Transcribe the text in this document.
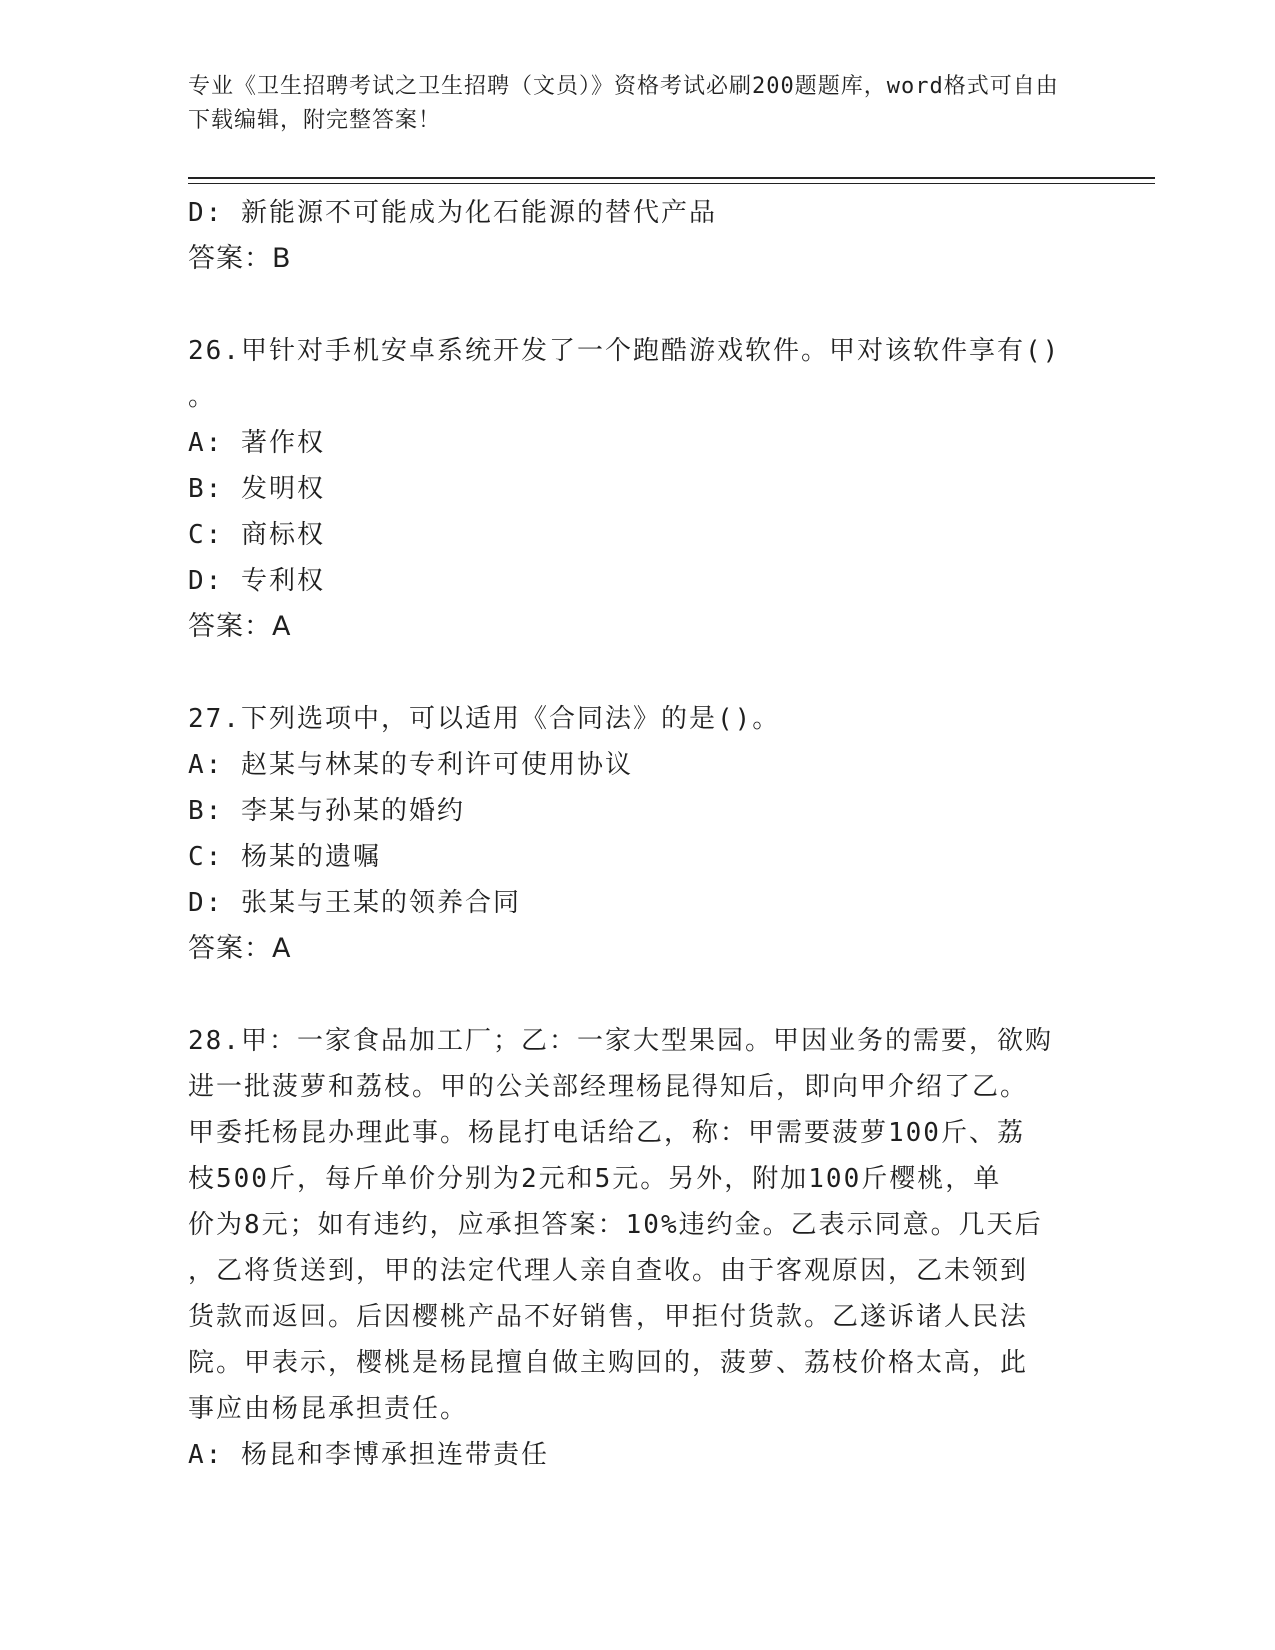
专业《卫生招聘考试之卫生招聘（文员）》资格考试必刷200题题库，word格式可自由下载编辑，附完整答案！
D: 新能源不可能成为化石能源的替代产品
答案：B
26.甲针对手机安卓系统开发了一个跑酷游戏软件。甲对该软件享有()
。
A: 著作权
B: 发明权
C: 商标权
D: 专利权
答案：A
27.下列选项中，可以适用《合同法》的是()。
A: 赵某与林某的专利许可使用协议
B: 李某与孙某的婚约
C: 杨某的遗嘱
D: 张某与王某的领养合同
答案：A
28.甲：一家食品加工厂；乙：一家大型果园。甲因业务的需要，欲购
进一批菠萝和荔枝。甲的公关部经理杨昆得知后，即向甲介绍了乙。
甲委托杨昆办理此事。杨昆打电话给乙，称：甲需要菠萝100斤、荔
枝500斤，每斤单价分别为2元和5元。另外，附加100斤樱桃，单
价为8元；如有违约，应承担答案：10%违约金。乙表示同意。几天后
，乙将货送到，甲的法定代理人亲自查收。由于客观原因，乙未领到
货款而返回。后因樱桃产品不好销售，甲拒付货款。乙遂诉诸人民法
院。甲表示，樱桃是杨昆擅自做主购回的，菠萝、荔枝价格太高，此
事应由杨昆承担责任。
A: 杨昆和李博承担连带责任
